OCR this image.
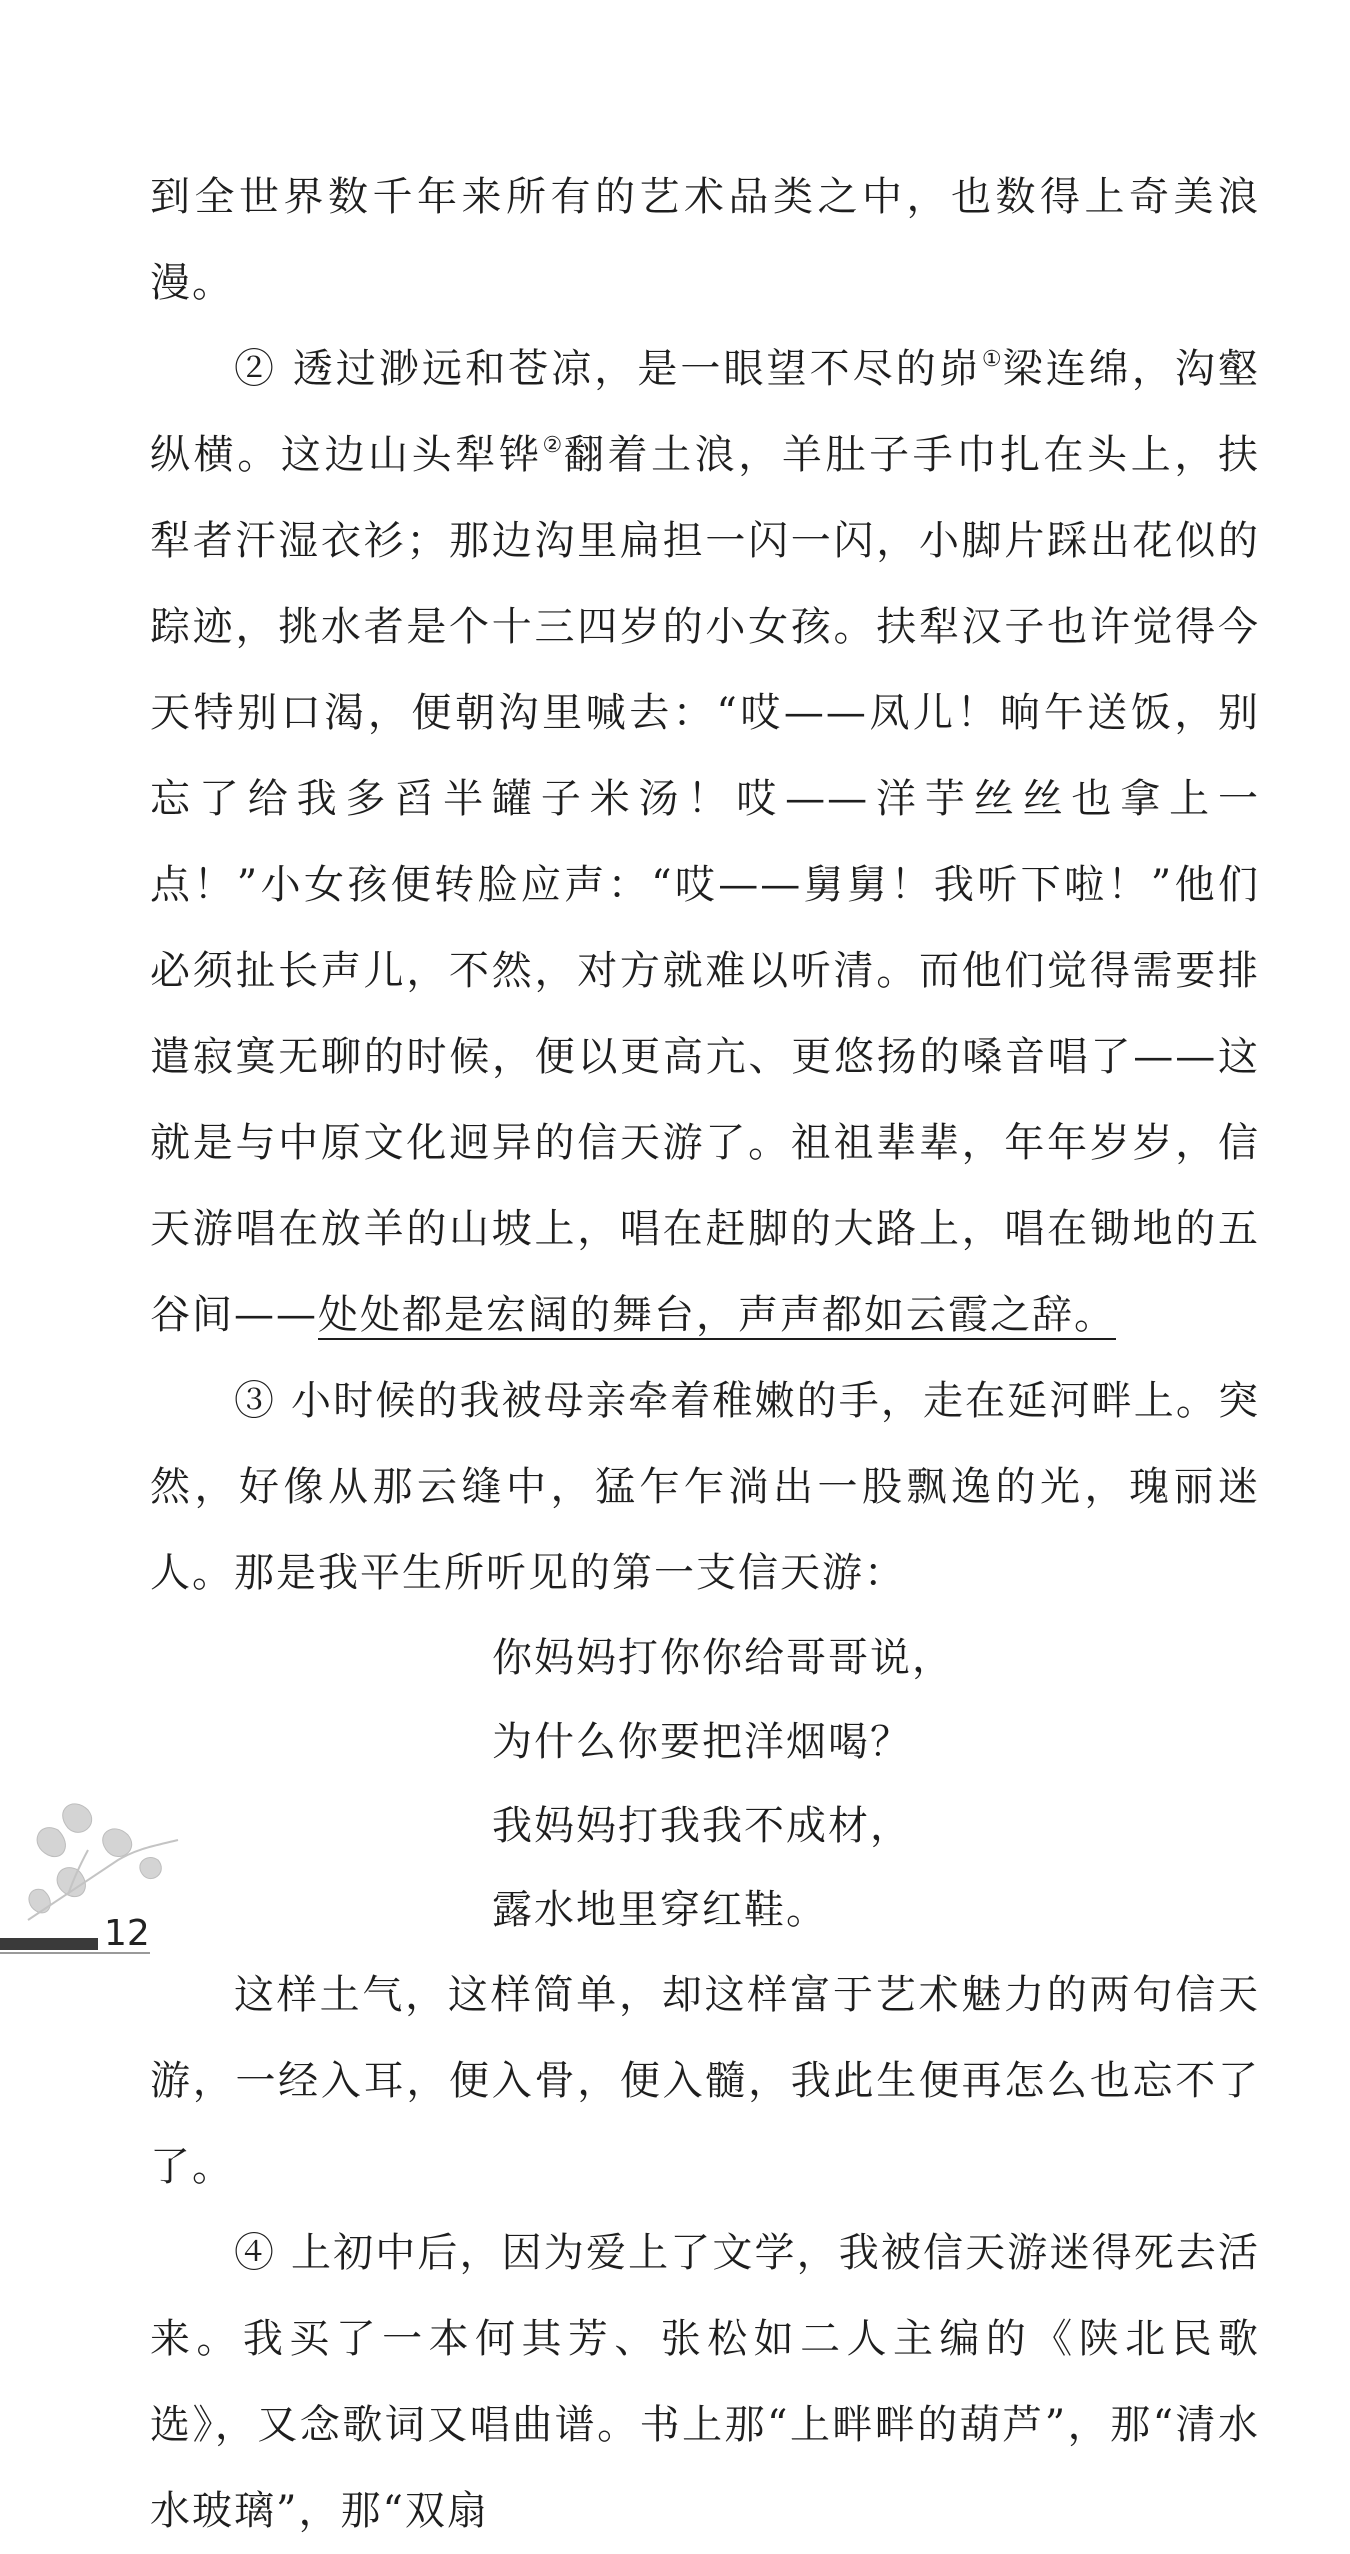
到全世界数千年来所有的艺术品类之中，也数得上奇美浪漫。

② 透过渺远和苍凉，是一眼望不尽的峁①梁连绵，沟壑纵横。这边山头犁铧②翻着土浪，羊肚子手巾扎在头上，扶犁者汗湿衣衫；那边沟里扁担一闪一闪，小脚片踩出花似的踪迹，挑水者是个十三四岁的小女孩。扶犁汉子也许觉得今天特别口渴，便朝沟里喊去：“哎——凤儿！晌午送饭，别忘了给我多舀半罐子米汤！哎——洋芋丝丝也拿上一点！”小女孩便转脸应声：“哎——舅舅！我听下啦！”他们必须扯长声儿，不然，对方就难以听清。而他们觉得需要排遣寂寞无聊的时候，便以更高亢、更悠扬的嗓音唱了——这就是与中原文化迥异的信天游了。祖祖辈辈，年年岁岁，信天游唱在放羊的山坡上，唱在赶脚的大路上，唱在锄地的五谷间——处处都是宏阔的舞台，声声都如云霞之辞。

③ 小时候的我被母亲牵着稚嫩的手，走在延河畔上。突然，好像从那云缝中，猛乍乍淌出一股飘逸的光，瑰丽迷人。那是我平生所听见的第一支信天游：

你妈妈打你你给哥哥说，
为什么你要把洋烟喝？
我妈妈打我我不成材，
露水地里穿红鞋。

这样土气，这样简单，却这样富于艺术魅力的两句信天游，一经入耳，便入骨，便入髓，我此生便再怎么也忘不了了。

④ 上初中后，因为爱上了文学，我被信天游迷得死去活来。我买了一本何其芳、张松如二人主编的《陕北民歌选》，又念歌词又唱曲谱。书上那“上畔畔的葫芦”，那“清水水玻璃”，那“双扇

12
